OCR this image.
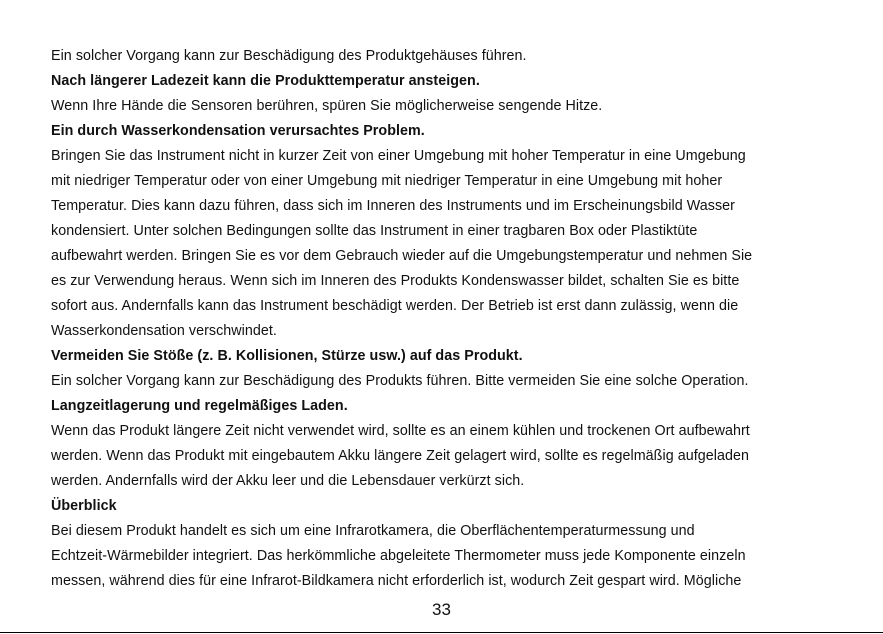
Ein solcher Vorgang kann zur Beschädigung des Produktgehäuses führen.
Nach längerer Ladezeit kann die Produkttemperatur ansteigen.
Wenn Ihre Hände die Sensoren berühren, spüren Sie möglicherweise sengende Hitze.
Ein durch Wasserkondensation verursachtes Problem.
Bringen Sie das Instrument nicht in kurzer Zeit von einer Umgebung mit hoher Temperatur in eine Umgebung
mit niedriger Temperatur oder von einer Umgebung mit niedriger Temperatur in eine Umgebung mit hoher
Temperatur. Dies kann dazu führen, dass sich im Inneren des Instruments und im Erscheinungsbild Wasser
kondensiert. Unter solchen Bedingungen sollte das Instrument in einer tragbaren Box oder Plastiktüte
aufbewahrt werden. Bringen Sie es vor dem Gebrauch wieder auf die Umgebungstemperatur und nehmen Sie
es zur Verwendung heraus. Wenn sich im Inneren des Produkts Kondenswasser bildet, schalten Sie es bitte
sofort aus. Andernfalls kann das Instrument beschädigt werden. Der Betrieb ist erst dann zulässig, wenn die
Wasserkondensation verschwindet.
Vermeiden Sie Stöße (z. B. Kollisionen, Stürze usw.) auf das Produkt.
Ein solcher Vorgang kann zur Beschädigung des Produkts führen. Bitte vermeiden Sie eine solche Operation.
Langzeitlagerung und regelmäßiges Laden.
Wenn das Produkt längere Zeit nicht verwendet wird, sollte es an einem kühlen und trockenen Ort aufbewahrt
werden. Wenn das Produkt mit eingebautem Akku längere Zeit gelagert wird, sollte es regelmäßig aufgeladen
werden. Andernfalls wird der Akku leer und die Lebensdauer verkürzt sich.
Überblick
Bei diesem Produkt handelt es sich um eine Infrarotkamera, die Oberflächentemperaturmessung und
Echtzeit-Wärmebilder integriert. Das herkömmliche abgeleitete Thermometer muss jede Komponente einzeln
messen, während dies für eine Infrarot-Bildkamera nicht erforderlich ist, wodurch Zeit gespart wird. Mögliche
33
